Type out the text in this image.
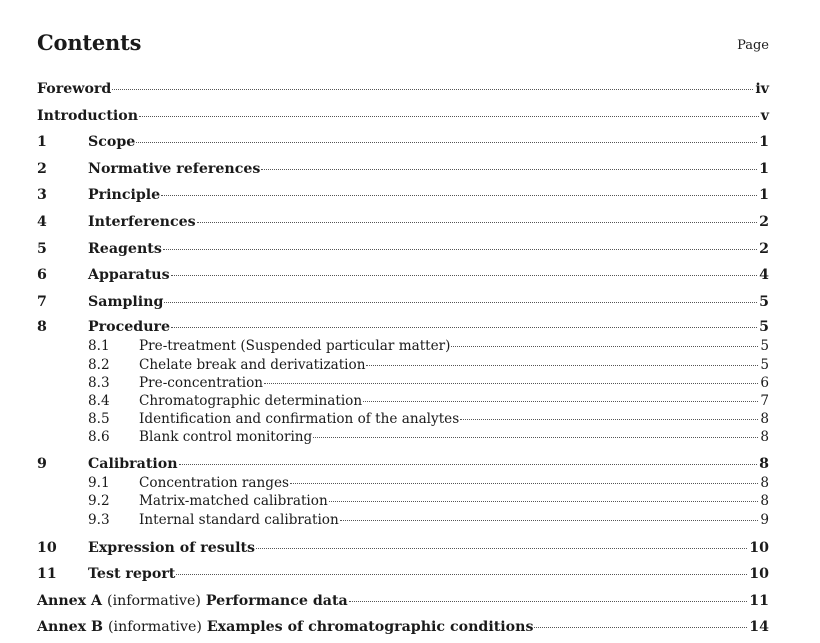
Contents	Page
Foreword	iv
Introduction	v
1	Scope	1
2	Normative references	1
3	Principle	1
4	Interferences	2
5	Reagents	2
6	Apparatus	4
7	Sampling	5
8	Procedure	5
8.1	Pre-treatment (Suspended particular matter)	5
8.2	Chelate break and derivatization	5
8.3	Pre-concentration	6
8.4	Chromatographic determination	7
8.5	Identification and confirmation of the analytes	8
8.6	Blank control monitoring	8
9	Calibration	8
9.1	Concentration ranges	8
9.2	Matrix-matched calibration	8
9.3	Internal standard calibration	9
10	Expression of results	10
11	Test report	10
Annex A (informative) Performance data	11
Annex B (informative) Examples of chromatographic conditions	14
